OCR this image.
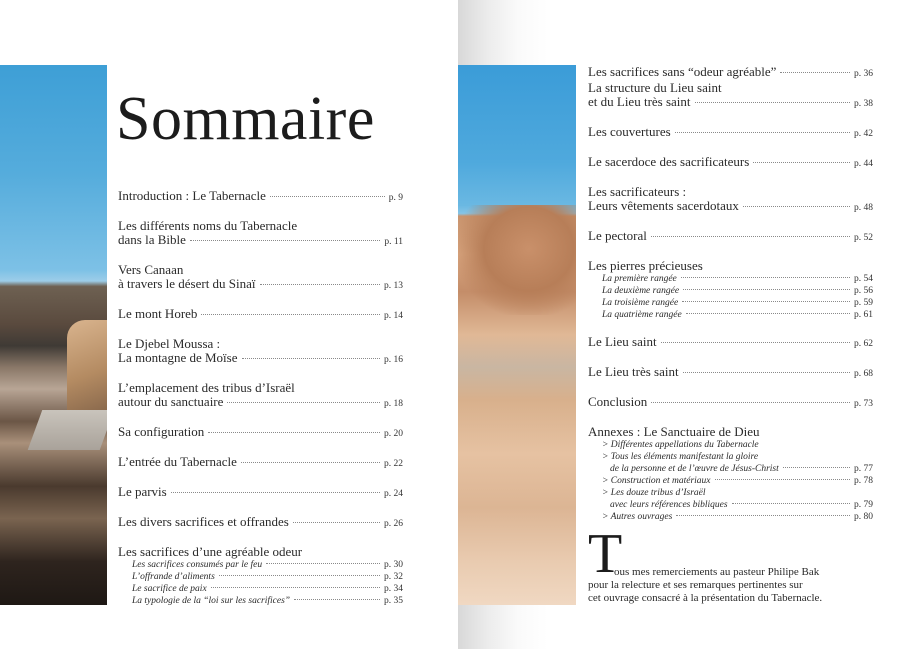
Sommaire
Introduction : Le Tabernacle	p. 9
Les différents noms du Tabernacle
dans la Bible	p. 11
Vers Canaan
à travers le désert du Sinaï	p. 13
Le mont Horeb	p. 14
Le Djebel Moussa :
La montagne de Moïse	p. 16
L’emplacement des tribus d’Israël
autour du sanctuaire	p. 18
Sa configuration	p. 20
L’entrée du Tabernacle	p. 22
Le parvis	p. 24
Les divers sacrifices et offrandes	p. 26
Les sacrifices d’une agréable odeur
Les sacrifices consumés par le feu	p. 30
L’offrande d’aliments	p. 32
Le sacrifice de paix	p. 34
La typologie de la “loi sur les sacrifices”	p. 35
Les sacrifices sans “odeur agréable”	p. 36
La structure du Lieu saint
et du Lieu très saint	p. 38
Les couvertures	p. 42
Le sacerdoce des sacrificateurs	p. 44
Les sacrificateurs :
Leurs vêtements sacerdotaux	p. 48
Le pectoral	p. 52
Les pierres précieuses
La première rangée	p. 54
La deuxième rangée	p. 56
La troisième rangée	p. 59
La quatrième rangée	p. 61
Le Lieu saint	p. 62
Le Lieu très saint	p. 68
Conclusion	p. 73
Annexes : Le Sanctuaire de Dieu
> Différentes appellations du Tabernacle
> Tous les éléments manifestant la gloire
de la personne et de l’œuvre de Jésus-Christ	p. 77
> Construction et matériaux	p. 78
> Les douze tribus d’Israël
avec leurs références bibliques	p. 79
> Autres ouvrages	p. 80
T
ous mes remerciements au pasteur Philipe Bak
pour la relecture et ses remarques pertinentes sur
cet ouvrage consacré à la présentation du Tabernacle.
